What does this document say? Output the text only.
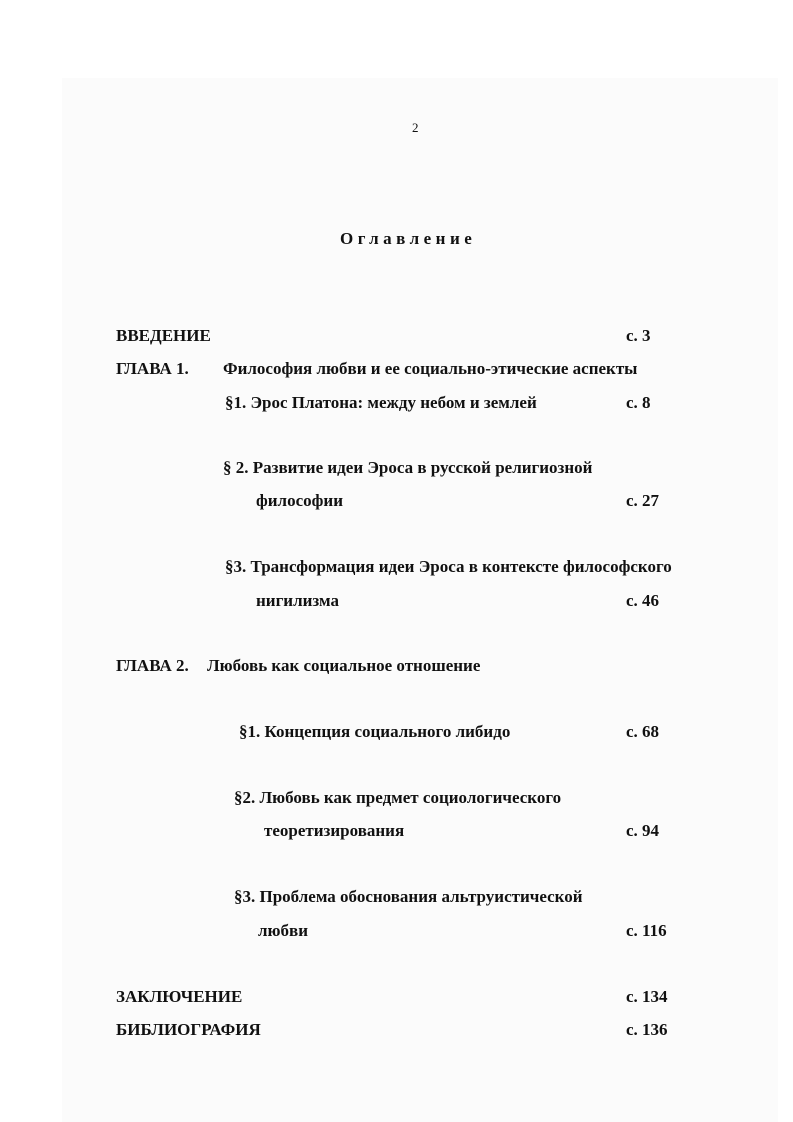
2
Оглавление
ВВЕДЕНИЕ	с. 3
ГЛАВА 1. Философия любви и ее социально-этические аспекты
§1. Эрос Платона: между небом и землей	с. 8
§ 2. Развитие идеи Эроса в русской религиозной
философии	с. 27
§3. Трансформация идеи Эроса в контексте философского
нигилизма	с. 46
ГЛАВА 2. Любовь как социальное отношение
§1. Концепция социального либидо	с. 68
§2. Любовь как предмет социологического
теоретизирования	с. 94
§3. Проблема обоснования альтруистической
любви	с. 116
ЗАКЛЮЧЕНИЕ	с. 134
БИБЛИОГРАФИЯ	с. 136
